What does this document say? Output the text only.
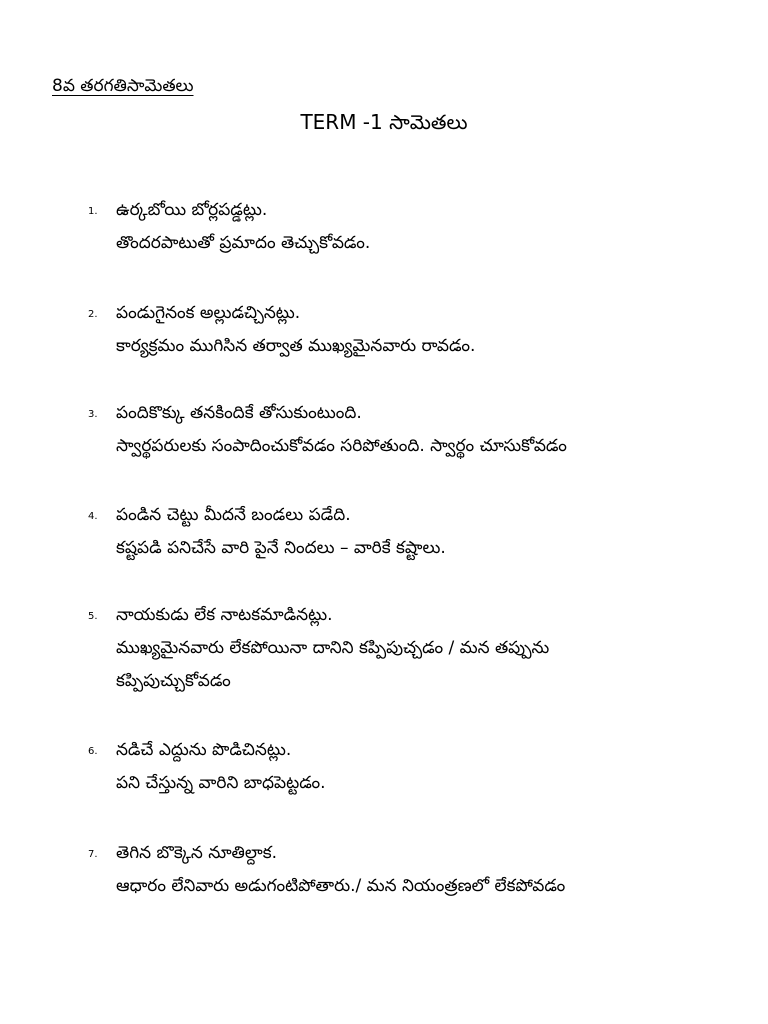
8వ తరగతిసామెతలు
TERM -1 సామెతలు
1. ఉర్కబోయి బోర్లపడ్డట్లు.
తొందరపాటుతో ప్రమాదం తెచ్చుకోవడం.
2. పండుగైనంక అల్లుడచ్చినట్లు.
కార్యక్రమం ముగిసిన తర్వాత ముఖ్యమైనవారు రావడం.
3. పందికొక్కు తనకిందికే తోసుకుంటుంది.
స్వార్థపరులకు సంపాదించుకోవడం సరిపోతుంది. స్వార్థం చూసుకోవడం
4. పండిన చెట్టు మీదనే బండలు పడేది.
కష్టపడి పనిచేసే వారి పైనే నిందలు – వారికే కష్టాలు.
5. నాయకుడు లేక నాటకమాడినట్లు.
ముఖ్యమైనవారు లేకపోయినా దానిని కప్పిపుచ్చడం / మన తప్పును
కప్పిపుచ్చుకోవడం
6. నడిచే ఎద్దును పొడిచినట్లు.
పని చేస్తున్న వారిని బాధపెట్టడం.
7. తెగిన బొక్కెన నూతిల్దాక.
ఆధారం లేనివారు అడుగంటిపోతారు./ మన నియంత్రణలో లేకపోవడం
